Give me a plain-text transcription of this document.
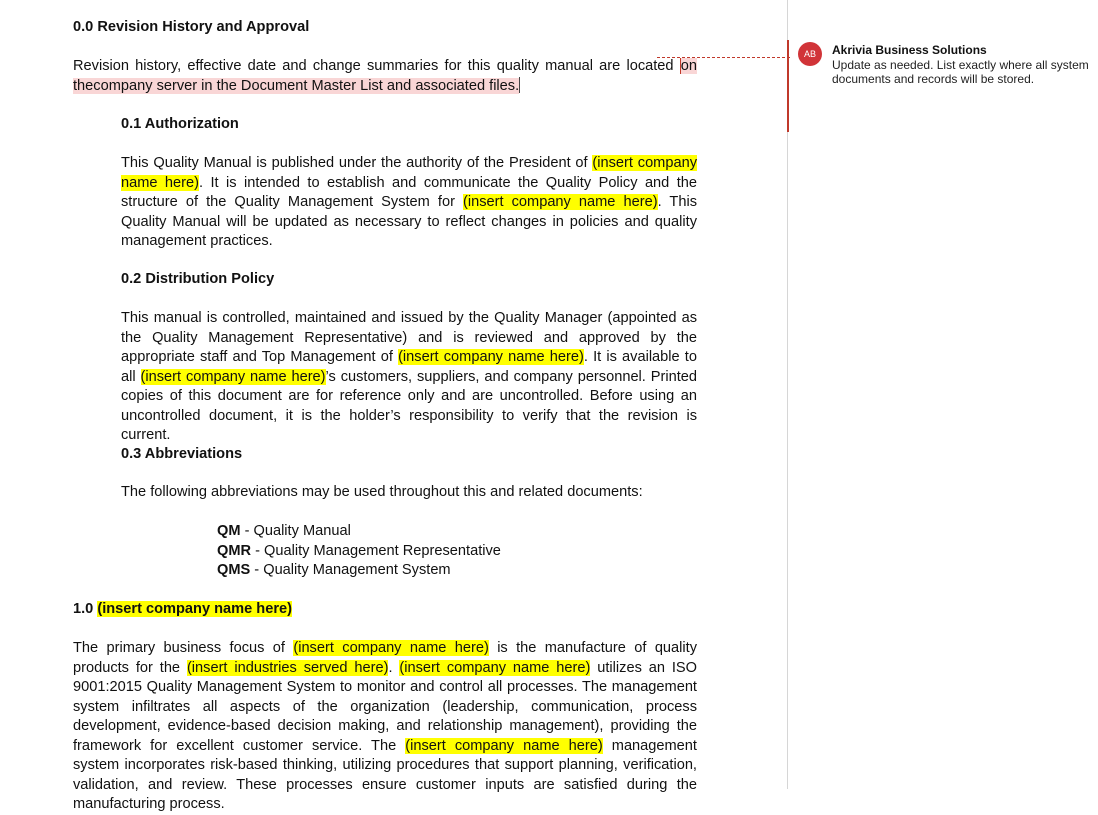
0.0 Revision History and Approval

Revision history, effective date and change summaries for this quality manual are located on thecompany server in the Document Master List and associated files.

0.1 Authorization

This Quality Manual is published under the authority of the President of (insert company name here). It is intended to establish and communicate the Quality Policy and the structure of the Quality Management System for (insert company name here). This Quality Manual will be updated as necessary to reflect changes in policies and quality management practices.

0.2 Distribution Policy

This manual is controlled, maintained and issued by the Quality Manager (appointed as the Quality Management Representative) and is reviewed and approved by the appropriate staff and Top Management of (insert company name here). It is available to all (insert company name here)’s customers, suppliers, and company personnel. Printed copies of this document are for reference only and are uncontrolled. Before using an uncontrolled document, it is the holder’s responsibility to verify that the revision is current.

0.3 Abbreviations

The following abbreviations may be used throughout this and related documents:

QM - Quality Manual
QMR - Quality Management Representative
QMS - Quality Management System
1.0 (insert company name here)

The primary business focus of (insert company name here) is the manufacture of quality products for the (insert industries served here). (insert company name here) utilizes an ISO 9001:2015 Quality Management System to monitor and control all processes. The management system infiltrates all aspects of the organization (leadership, communication, process development, evidence-based decision making, and relationship management), providing the framework for excellent customer service. The (insert company name here) management system incorporates risk-based thinking, utilizing procedures that support planning, verification, validation, and review. These processes ensure customer inputs are satisfied during the manufacturing process.

AB	Akrivia Business Solutions
Update as needed. List exactly where all system documents and records will be stored.
